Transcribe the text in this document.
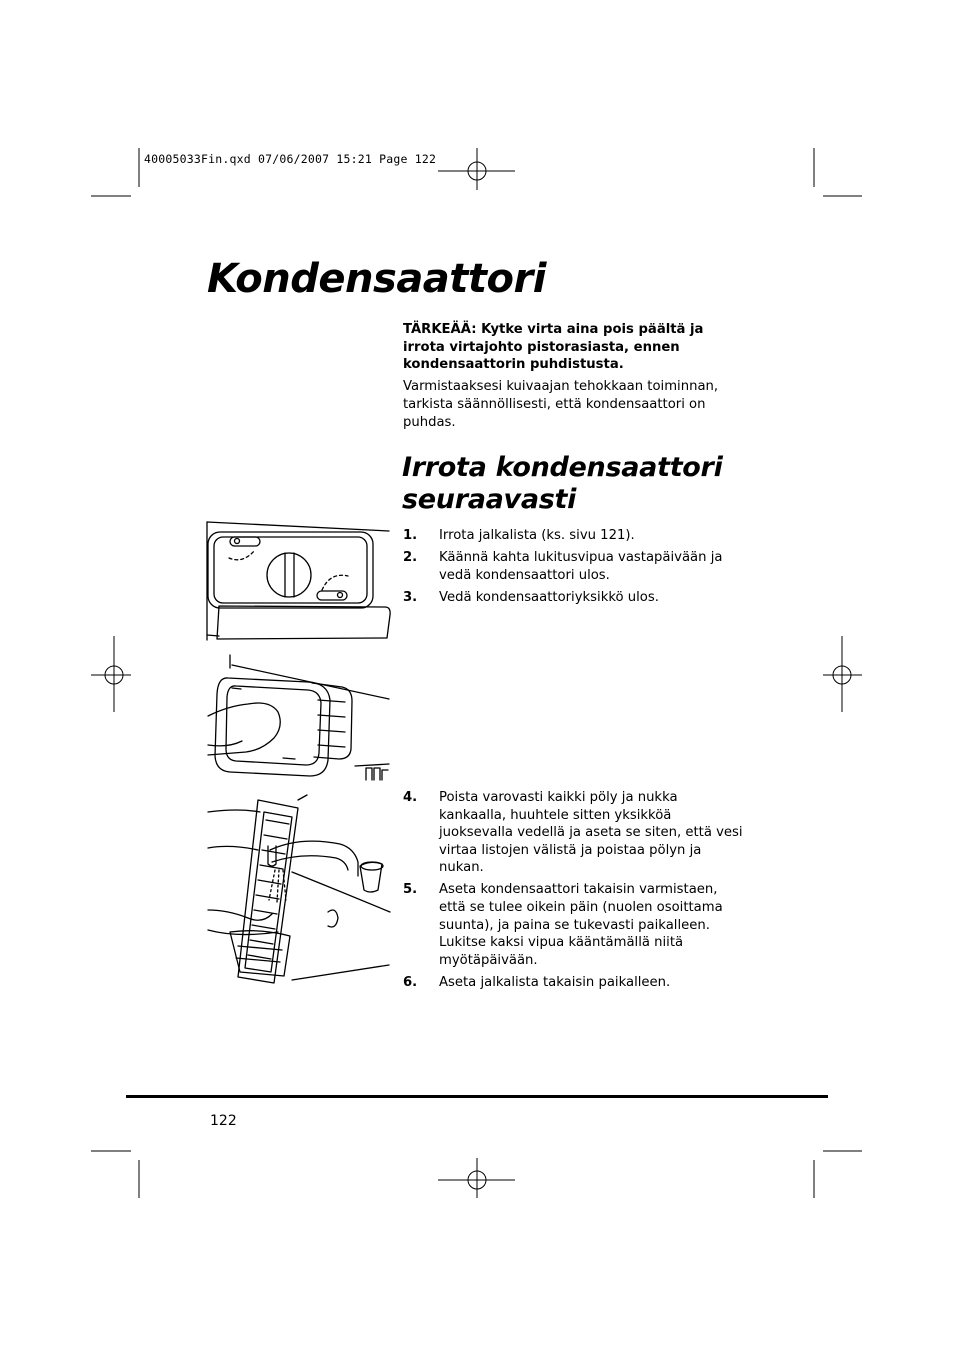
40005033Fin.qxd 07/06/2007 15:21 Page 122
Kondensaattori
TÄRKEÄÄ: Kytke virta aina pois päältä ja irrota virtajohto pistorasiasta, ennen kondensaattorin puhdistusta.
Varmistaaksesi kuivaajan tehokkaan toiminnan, tarkista säännöllisesti, että kondensaattori on puhdas.
Irrota kondensaattori seuraavasti
1.	Irrota jalkalista (ks. sivu 121).
2.	Käännä kahta lukitusvipua vastapäivään ja vedä kondensaattori ulos.
3.	Vedä kondensaattoriyksikkö ulos.
4.	Poista varovasti kaikki pöly ja nukka kankaalla, huuhtele sitten yksikköä juoksevalla vedellä ja aseta se siten, että vesi virtaa listojen välistä ja poistaa pölyn ja nukan.
5.	Aseta kondensaattori takaisin varmistaen, että se tulee oikein päin (nuolen osoittama suunta), ja paina se tukevasti paikalleen. Lukitse kaksi vipua kääntämällä niitä myötäpäivään.
6.	Aseta jalkalista takaisin paikalleen.
122
